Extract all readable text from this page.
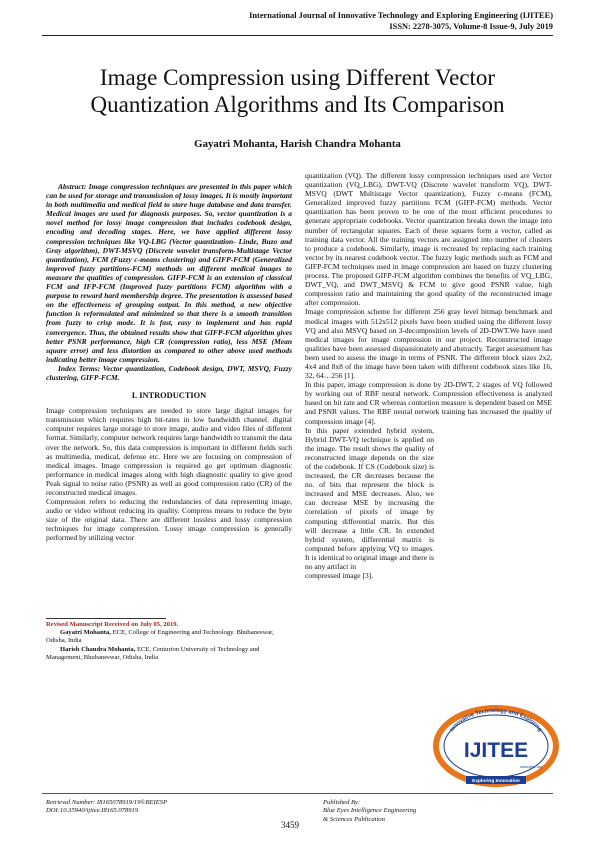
International Journal of Innovative Technology and Exploring Engineering (IJITEE)
ISSN: 2278-3075, Volume-8 Issue-9, July 2019
Image Compression using Different Vector
Quantization Algorithms and Its Comparison
Gayatri Mohanta, Harish Chandra Mohanta

Abstract: Image compression techniques are presented in this paper which can be used for storage and transmission of lossy images. It is mostly important in both multimedia and medical field to store huge database and data transfer. Medical images are used for diagnosis purposes. So, vector quantization is a novel method for lossy image compression that includes codebook design, encoding and decoding stages. Here, we have applied different lossy compression techniques like VQ-LBG (Vector quantization- Linde, Buzo and Gray algorithm), DWT-MSVQ (Discrete wavelet transform-Multistage Vector quantization), FCM (Fuzzy c-means clustering) and GIFP-FCM (Generalized improved fuzzy partitions-FCM) methods on different medical images to measure the qualities of compression. GIFP-FCM is an extension of classical FCM and IFP-FCM (Improved fuzzy partitions FCM) algorithm with a purpose to reward hard membership degree. The presentation is assessed based on the effectiveness of grouping output. In this method, a new objective function is reformulated and minimized so that there is a smooth transition from fuzzy to crisp mode. It is fast, easy to implement and has rapid convergence. Thus, the obtained results show that GIFP-FCM algorithm gives better PSNR performance, high CR (compression ratio), less MSE (Mean square error) and less distortion as compared to other above used methods indicating better image compression.

Index Terms: Vector quantization, Codebook design, DWT, MSVQ, Fuzzy clustering, GIFP-FCM.

I. INTRODUCTION

Image compression techniques are needed to store large digital images for transmission which requires high bit-rates in low bandwidth channel. digital computer requires large storage to store image, audio and video files of different format. Similarly, computer network requires large bandwidth to transmit the data over the network. So, this data compression is important in different fields such as multimedia, medical, defense etc. Here we are focusing on compression of medical images. Image compression is required go get optimum diagnostic performance in medical images along with high diagnostic quality to give good Peak signal to noise ratio (PSNR) as well as good compression ratio (CR) of the reconstructed medical images.

Compression refers to reducing the redundancies of data representing image, audio or video without reducing its quality. Compress means to reduce the byte size of the original data. There are different lossless and lossy compression techniques for image compression. Lossy image compression is generally performed by utilizing vector

quantization (VQ). The different lossy compression techniques used are Vector quantization (VQ_LBG), DWT-VQ (Discrete wavelet transform VQ), DWT-MSVQ (DWT Multistage Vector quantization), Fuzzy c-means (FCM), Generalized improved fuzzy partitions FCM (GIFP-FCM) methods. Vector quantization has been proven to be one of the most efficient procedures to generate appropriate codebooks. Vector quantization breaks down the image into number of rectangular squares. Each of these squares form a vector, called as training data vector. All the training vectors are assigned into number of clusters to produce a codebook. Similarly, image is recreated by replacing each training vector by its nearest codebook vector. The fuzzy logic methods such as FCM and GIFP-FCM techniques used in image compression are based on fuzzy clustering process. The proposed GIFP-FCM algorithm combines the benefits of VQ_LBG, DWT_VQ, and DWT_MSVQ & FCM to give good PSNR value, high compression ratio and maintaining the good quality of the reconstructed image after compression.

Image compression scheme for different 256 gray level bitmap benchmark and medical images with 512x512 pixels have been studied using the different lossy VQ and also MSVQ based on 3-decomposition levels of 2D-DWT.We have used medical images for image compression in our project. Reconstructed image qualities have been assessed dispassionately and abstractly. Target assessment has been used to assess the image in terms of PSNR. The different block sizes 2x2, 4x4 and 8x8 of the image have been taken with different codebook sizes like 16, 32, 64…256 [1].

In this paper, image compression is done by 2D-DWT, 2 stages of VQ followed by working out of RBF neural network. Compression effectiveness is analyzed based on bit rate and CR whereas contortion measure is dependent based on MSE and PSNR values. The RBF neural network training has increased the quality of compression image [4].

In this paper extended hybrid system, Hybrid DWT-VQ technique is applied on the image. The result shows the quality of reconstructed image depends on the size of the codebook. If CS (Codebook size) is increased, the CR decreases because the no. of bits that represent the block is increased and MSE decreases. Also, we can decrease MSE by increasing the correlation of pixels of image by computing differential matrix. But this will decrease a little CR. In extended hybrid system, differential matrix is computed before applying VQ to images. It is identical to original image and there is no any artifact in

compressed image [3].

Revised Manuscript Received on July 05, 2019.

Gayatri Mohanta, ECE, College of Engineering and Technology. Bhubaneswar, Odisha, India

Harish Chandra Mohanta, ECE, Centurion University of Technology and Management, Bhubaneswar, Odisha, India

Innovative Technology and Exploring
IJITEE
www.ijitee.org
Exploring Innovation
Retrieval Number: I8165078919/19©BEIESP
DOI:10.35940/ijitee.I8165.078919
3459
Published By:
Blue Eyes Intelligence Engineering
& Sciences Publication
